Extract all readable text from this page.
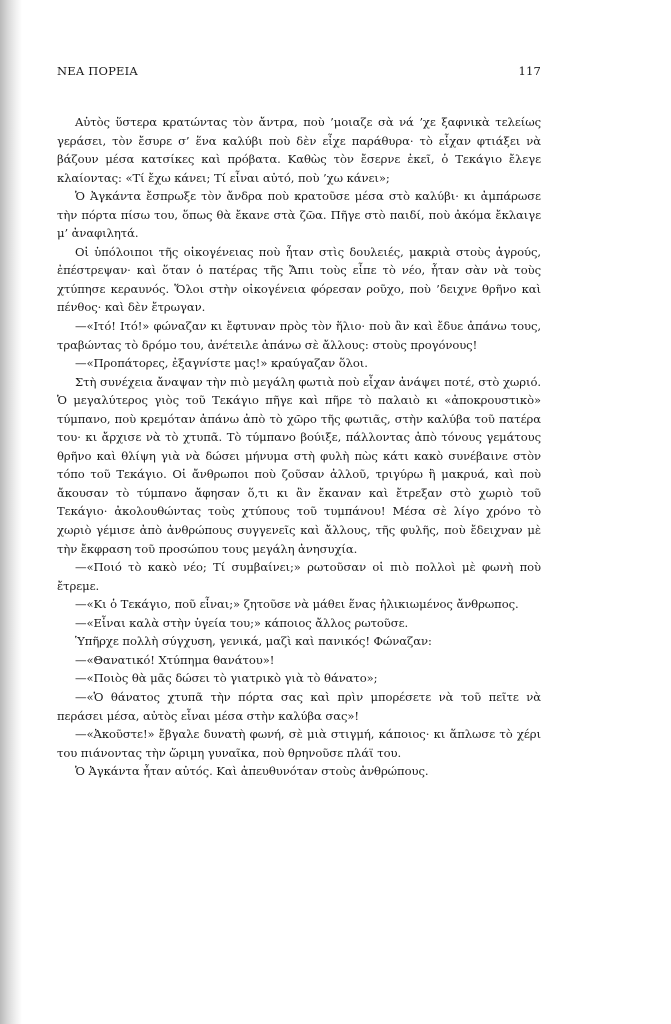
ΝΕΑ ΠΟΡΕΙΑ	117

Αὐτὸς ὕστερα κρατώντας τὸν ἄντρα, ποὺ ’μοιαζε σὰ νά ’χε ξαφνικὰ τελείως γεράσει, τὸν ἔσυρε σ’ ἕνα καλύβι ποὺ δὲν εἶχε παράθυρα· τὸ εἶχαν φτιάξει νὰ βάζουν μέσα κατσίκες καὶ πρόβατα. Καθὼς τὸν ἔσερνε ἐκεῖ, ὁ Τεκάγιο ἔλεγε κλαίοντας: «Τί ἔχω κάνει; Τί εἶναι αὐτό, ποὺ ’χω κάνει»;

Ὁ Ἀγκάντα ἔσπρωξε τὸν ἄνδρα ποὺ κρατοῦσε μέσα στὸ καλύβι· κι ἀμπάρωσε τὴν πόρτα πίσω του, ὅπως θὰ ἔκανε στὰ ζῶα. Πῆγε στὸ παιδί, ποὺ ἀκόμα ἔκλαιγε μ’ ἀναφιλητά.

Οἱ ὑπόλοιποι τῆς οἰκογένειας ποὺ ἦταν στὶς δουλειές, μακριὰ στοὺς ἀγρούς, ἐπέστρεψαν· καὶ ὅταν ὁ πατέρας τῆς Ἄπιι τοὺς εἶπε τὸ νέο, ἦταν σὰν νὰ τοὺς χτύπησε κεραυνός. Ὅλοι στὴν οἰκογένεια φόρεσαν ροῦχο, ποὺ ’δειχνε θρῆνο καὶ πένθος· καὶ δὲν ἔτρωγαν.

—«Ιτό! Ιτό!» φώναζαν κι ἔφτυναν πρὸς τὸν ἥλιο· ποὺ ἂν καὶ ἔδυε ἀπάνω τους, τραβώντας τὸ δρόμο του, ἀνέτειλε ἀπάνω σὲ ἄλλους: στοὺς προγόνους!

—«Προπάτορες, ἐξαγνίστε μας!» κραύγαζαν ὅλοι.

Στὴ συνέχεια ἄναψαν τὴν πιὸ μεγάλη φωτιὰ ποὺ εἶχαν ἀνάψει ποτέ, στὸ χωριό. Ὁ μεγαλύτερος γιὸς τοῦ Τεκάγιο πῆγε καὶ πῆρε τὸ παλαιὸ κι «ἀποκρουστικὸ» τύμπανο, ποὺ κρεμόταν ἀπάνω ἀπὸ τὸ χῶρο τῆς φωτιᾶς, στὴν καλύβα τοῦ πατέρα του· κι ἄρχισε νὰ τὸ χτυπᾶ. Τὸ τύμπανο βούιξε, πάλλοντας ἀπὸ τόνους γεμάτους θρῆνο καὶ θλίψη γιὰ νὰ δώσει μήνυμα στὴ φυλὴ πὼς κάτι κακὸ συνέβαινε στὸν τόπο τοῦ Τεκάγιο. Οἱ ἄνθρωποι ποὺ ζοῦσαν ἀλλοῦ, τριγύρω ἢ μακρυά, καὶ ποὺ ἄκουσαν τὸ τύμπανο ἄφησαν ὅ,τι κι ἂν ἔκαναν καὶ ἔτρεξαν στὸ χωριὸ τοῦ Τεκάγιο· ἀκολουθώντας τοὺς χτύπους τοῦ τυμπάνου! Μέσα σὲ λίγο χρόνο τὸ χωριὸ γέμισε ἀπὸ ἀνθρώπους συγγενεῖς καὶ ἄλλους, τῆς φυλῆς, ποὺ ἔδειχναν μὲ τὴν ἔκφραση τοῦ προσώπου τους μεγάλη ἀνησυχία.

—«Ποιό τὸ κακὸ νέο; Τί συμβαίνει;» ρωτοῦσαν οἱ πιὸ πολλοὶ μὲ φωνὴ ποὺ ἔτρεμε.

—«Κι ὁ Τεκάγιο, ποῦ εἶναι;» ζητοῦσε νὰ μάθει ἕνας ἡλικιωμένος ἄνθρωπος.

—«Εἶναι καλὰ στὴν ὑγεία του;» κάποιος ἄλλος ρωτοῦσε.

Ὑπῆρχε πολλὴ σύγχυση, γενικά, μαζὶ καὶ πανικός! Φώναζαν:

—«Θανατικό! Χτύπημα θανάτου»!

—«Ποιὸς θὰ μᾶς δώσει τὸ γιατρικὸ γιὰ τὸ θάνατο»;

—«Ὁ θάνατος χτυπᾶ τὴν πόρτα σας καὶ πρὶν μπορέσετε νὰ τοῦ πεῖτε νὰ περάσει μέσα, αὐτὸς εἶναι μέσα στὴν καλύβα σας»!

—«Ἀκοῦστε!» ἔβγαλε δυνατὴ φωνή, σὲ μιὰ στιγμή, κάποιος· κι ἅπλωσε τὸ χέρι του πιάνοντας τὴν ὥριμη γυναῖκα, ποὺ θρηνοῦσε πλάϊ του.

Ὁ Ἀγκάντα ἦταν αὐτός. Καὶ ἀπευθυνόταν στοὺς ἀνθρώπους.
